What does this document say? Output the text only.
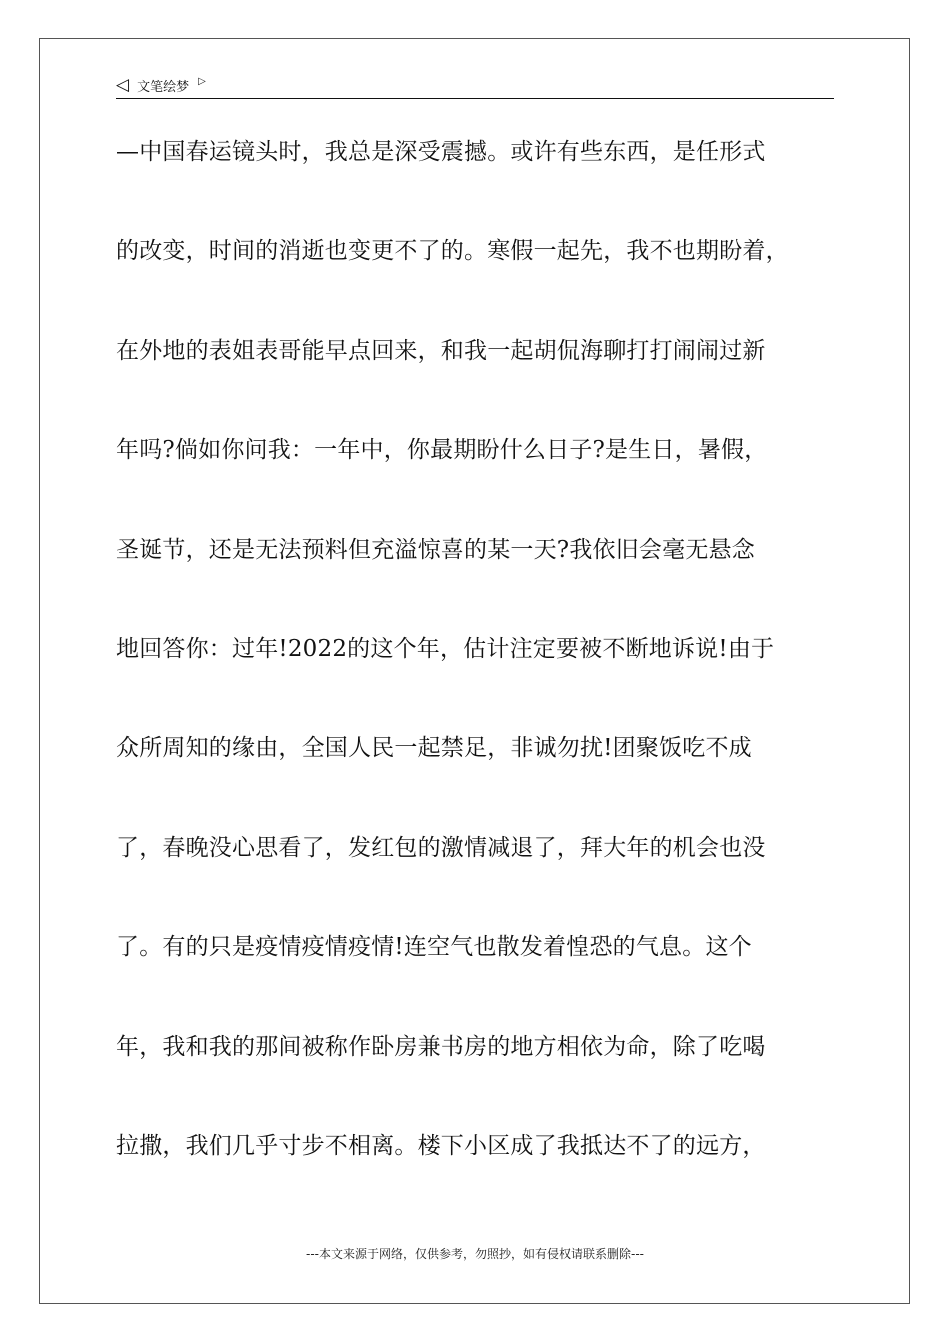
◁ 文笔绘梦 ▷
—中国春运镜头时，我总是深受震撼。或许有些东西，是任形式
的改变，时间的消逝也变更不了的。寒假一起先，我不也期盼着，
在外地的表姐表哥能早点回来，和我一起胡侃海聊打打闹闹过新
年吗?倘如你问我：一年中，你最期盼什么日子?是生日，暑假，
圣诞节，还是无法预料但充溢惊喜的某一天?我依旧会毫无悬念
地回答你：过年!2022的这个年，估计注定要被不断地诉说!由于
众所周知的缘由，全国人民一起禁足，非诚勿扰!团聚饭吃不成
了，春晚没心思看了，发红包的激情减退了，拜大年的机会也没
了。有的只是疫情疫情疫情!连空气也散发着惶恐的气息。这个
年，我和我的那间被称作卧房兼书房的地方相依为命，除了吃喝
拉撒，我们几乎寸步不相离。楼下小区成了我抵达不了的远方，
---本文来源于网络，仅供参考，勿照抄，如有侵权请联系删除---
